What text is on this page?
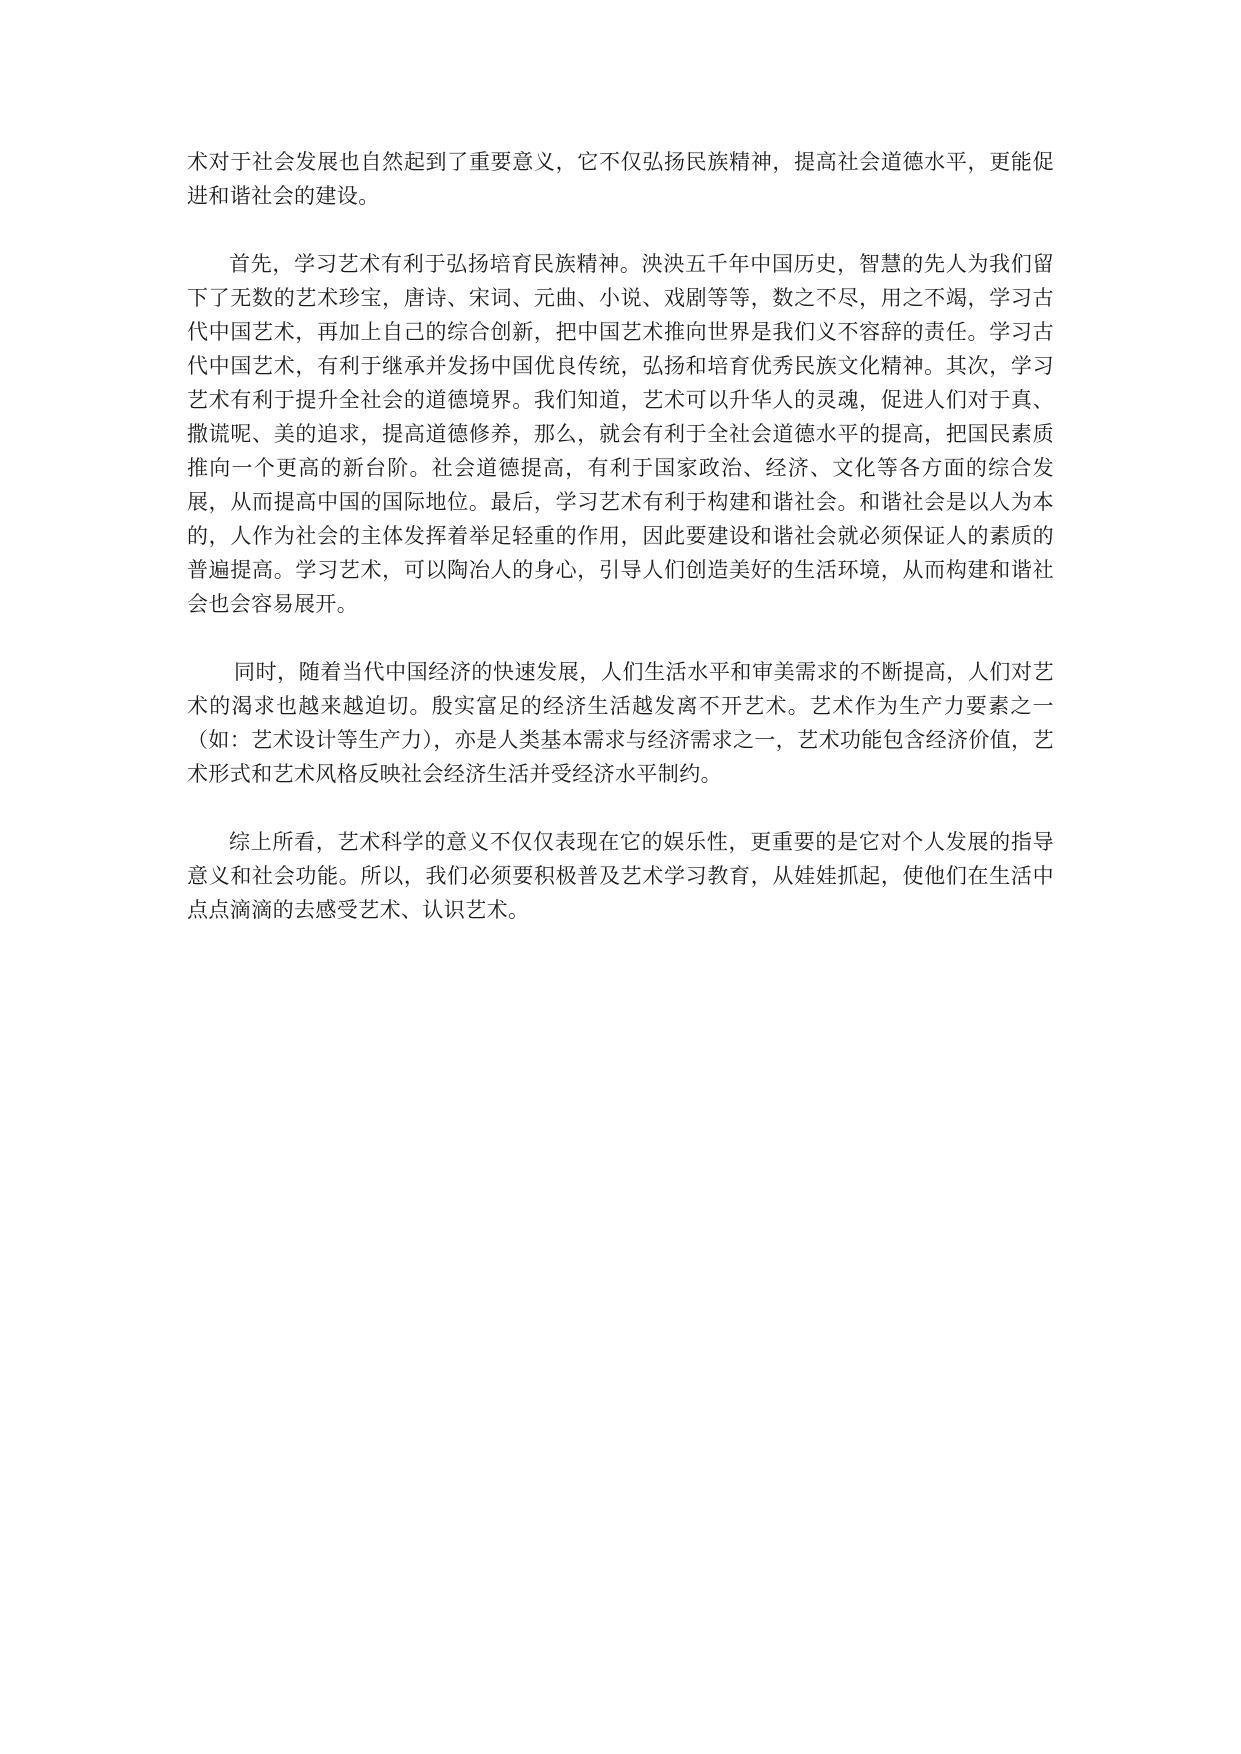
术对于社会发展也自然起到了重要意义，它不仅弘扬民族精神，提高社会道德水平，更能促进和谐社会的建设。

首先，学习艺术有利于弘扬培育民族精神。泱泱五千年中国历史，智慧的先人为我们留下了无数的艺术珍宝，唐诗、宋词、元曲、小说、戏剧等等，数之不尽，用之不竭，学习古代中国艺术，再加上自己的综合创新，把中国艺术推向世界是我们义不容辞的责任。学习古代中国艺术，有利于继承并发扬中国优良传统，弘扬和培育优秀民族文化精神。其次，学习艺术有利于提升全社会的道德境界。我们知道，艺术可以升华人的灵魂，促进人们对于真、撒谎呢、美的追求，提高道德修养，那么，就会有利于全社会道德水平的提高，把国民素质推向一个更高的新台阶。社会道德提高，有利于国家政治、经济、文化等各方面的综合发展，从而提高中国的国际地位。最后，学习艺术有利于构建和谐社会。和谐社会是以人为本的，人作为社会的主体发挥着举足轻重的作用，因此要建设和谐社会就必须保证人的素质的普遍提高。学习艺术，可以陶冶人的身心，引导人们创造美好的生活环境，从而构建和谐社会也会容易展开。

同时，随着当代中国经济的快速发展，人们生活水平和审美需求的不断提高，人们对艺术的渴求也越来越迫切。殷实富足的经济生活越发离不开艺术。艺术作为生产力要素之一（如：艺术设计等生产力），亦是人类基本需求与经济需求之一，艺术功能包含经济价值，艺术形式和艺术风格反映社会经济生活并受经济水平制约。

综上所看，艺术科学的意义不仅仅表现在它的娱乐性，更重要的是它对个人发展的指导意义和社会功能。所以，我们必须要积极普及艺术学习教育，从娃娃抓起，使他们在生活中点点滴滴的去感受艺术、认识艺术。
